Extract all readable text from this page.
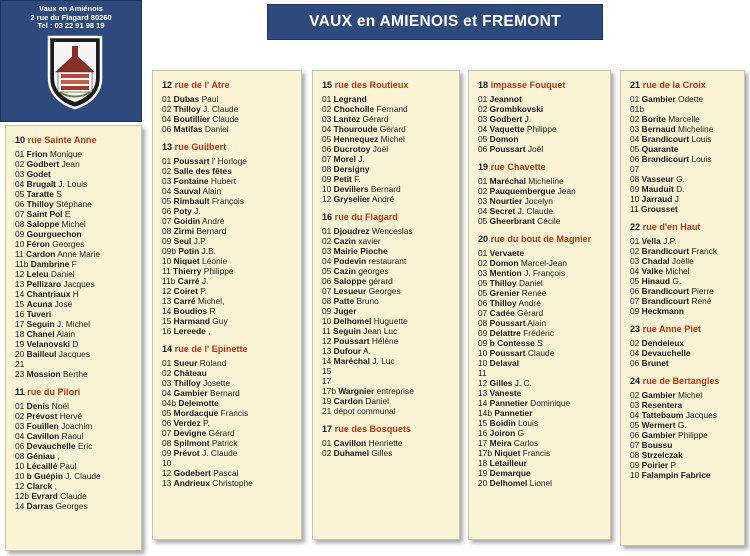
Vaux en Amiénois
2 rue du Flagard 80260
Tel : 03 22 91 98 19	VAUX en AMIENOIS et FREMONT
10 rue Sainte Anne
01 Frion Monique
02 Godbert Jean
03 Godet
04 Brugalt J. Louis
05 Taratte S
06 Thilloy Stéphane
07 Saint Pol E
08 Saloppe Michel
09 Gourguechon
10 Féron Georges
11 Cardon Anne Marie
11b Dambrine F
12 Leleu Daniel
13 Pellizaro Jacques
14 Chantriaux H
15 Acuna José
16 Tuveri
17 Seguin J. Michel
18 Chanel Alain
19 Velanovski D
20 Bailleul Jacques
21
23 Mossion Berthe
11 rue du Pilori
01 Denis Noël
02 Prévost Hervé
03 Fouillen Joachim
04 Cavillon Raoul
06 Devauchelle Eric
08 Géniau ,
10 Lécaillé Paul
10 b Guépin J. Claude
12 Clarck ,
12b Evrard Claude
14 Darras Georges
12 rue de l' Atre
01 Dubas Paul
02 Thilloy J. Claude
04 Boutillier Claude
06 Matifas Daniel
13 rue Guilbert
01 Poussart l' Horloge
02 Salle des fêtes
03 Fontaine Hubert
04 Sauval Alain
05 Rimbault François
06 Poty J.
07 Goidin André
08 Zirmi Bernard
09 Seul J.P.
09b Potin J.B.
10 Niquet Léonie
11 Thierry Philippe
11b Carré J.
12 Coiret P.
13 Carré Michel,
14 Boudios R
15 Harmand Guy
16 Lereede ,
14 rue de l' Epinette
01 Sueur Roland
02 Château
03 Thilloy Josette
04 Gambier Bernard
04b Delemotte
05 Mordacque Francis
06 Verdez P.
07 Devigne Gérard
08 Spilmont Patrick
09 Prévot J. Claude
10
12 Godebert Pascal
13 Andrieux Christophe
15 rue des Routieux
01 Legrand
02 Chocholle Fernand
03 Lantez Gérard
04 Thouroude Gérard
05 Hennequez Michel
06 Ducrotoy Joël
07 Morel J.
08 Dersigny
09 Petit F.
10 Devillers Bernard
12 Gryselier André
16 rue du Flagard
01 Djoudrez Wenceslas
02 Cazin xavier
03 Mairie Pioche
04 Podevin restaurant
05 Cazin georges
06 Saloppe gérard
07 Lesueur Georges
08 Patte Bruno
09 Juger
10 Delhomel Huguette
11 Seguin Jean Luc
12 Poussart Hélène
13 Dufour A.
14 Maréchal J. Luc
15
17
17b Wargnier entreprise
19 Cardon Daniel
21 dépot communal
17 rue des Bosquets
01 Cavillon Henriette
02 Duhamel Gilles
18 impasse Fouquet
01 Jeannot
02 Grombkovski
03 Godbert J.
04 Vaquette Philippe
05 Domon
06 Poussart Joël
19 rue Chavette
01 Maréchal Micheline
02 Pauquembergue Jean
03 Nourtier Jocelyn
04 Secret J. Claude
05 Gheerbrant Cécile
20 rue du bout de Magnier
01 Vervaete
02 Domon Marcel-Jean
03 Mention J. François
05 Thilloy Daniel
05 Grenier Renée
06 Thilloy André
07 Cadée Gérard
08 Poussart Alain
09 Delattre Frédéric
09 b Contesse S
10 Poussart Claude
10 Delaval
11
12 Gilles J. C.
13 Vaneste
14 Pannetier Dominique
14b Pannetier
15 Boidin Louis
16 Joiron G
17 Meira Carlos
17b Niquet Francis
18 Letailleur
19 Demarque
20 Delhomel Lionel
21 rue de la Croix
01 Gambier Odette
01b
02 Borite Marcelle
03 Bernaud Micheline
04 Brandicourt Louis
05 Quarante
06 Brandicourt Louis
07
08 Vasseur G.
09 Mauduit D.
10 Jarraud J
11 Grousset
22 rue d'en Haut
01 Vella J.P.
02 Brandicourt Franck
03 Chadal Joëlle
04 Valke Michel
05 Hinaud G.
06 Brandicourt Pierre
07 Brandicourt René
09 Heckmann
23 rue Anne Piet
02 Dendeleux
04 Devauchelle
06 Brunet
24 rue de Bertangles
02 Gambier Michel
03 Resentera
04 Tattebaum Jacques
05 Wermert G.
06 Gambier Philippe
07 Boussu
08 Strzelczak
09 Poirier P
10 Falampin Fabrice
